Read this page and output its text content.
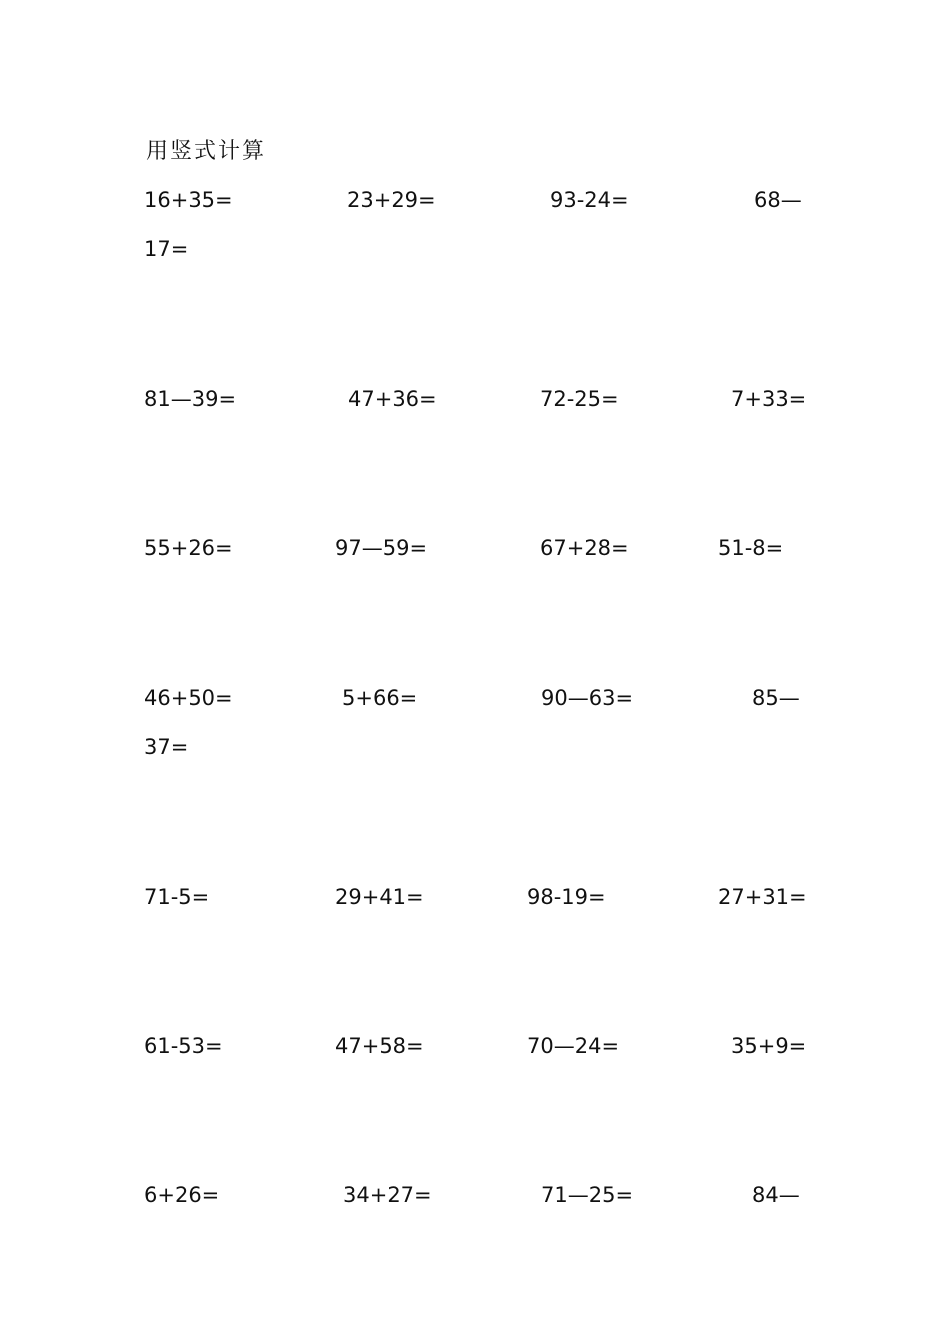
用竖式计算
16+35=	23+29=	93-24=	68—
17=
81—39=	47+36=	72-25=	7+33=
55+26=	97—59=	67+28=	51-8=
46+50=	5+66=	90—63=	85—
37=
71-5=	29+41=	98-19=	27+31=
61-53=	47+58=	70—24=	35+9=
6+26=	34+27=	71—25=	84—
